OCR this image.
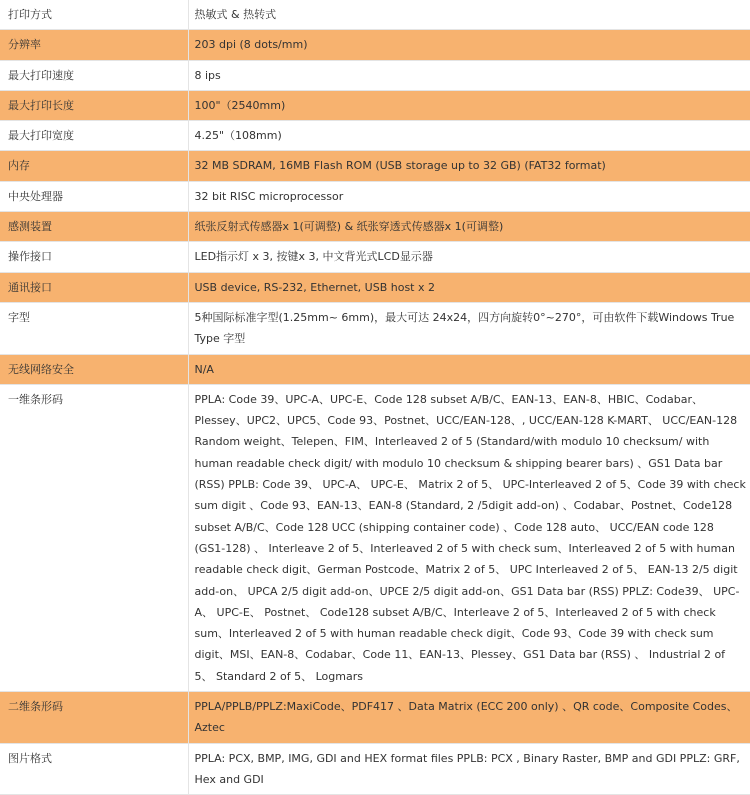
打印方式	热敏式 & 热转式
分辨率	203 dpi (8 dots/mm)
最大打印速度	8 ips
最大打印长度	100"（2540mm)
最大打印宽度	4.25"（108mm)
内存	32 MB SDRAM, 16MB Flash ROM (USB storage up to 32 GB) (FAT32 format)
中央处理器	32 bit RISC microprocessor
感测装置	纸张反射式传感器x 1(可调整) & 纸张穿透式传感器x 1(可调整)
操作接口	LED指示灯 x 3, 按键x 3, 中文背光式LCD显示器
通讯接口	USB device, RS-232, Ethernet, USB host x 2
字型	5种国际标准字型(1.25mm~ 6mm)，最大可达 24x24，四方向旋转0°~270°，可由软件下载Windows True Type 字型
无线网络安全	N/A
一维条形码	PPLA: Code 39、UPC-A、UPC-E、Code 128 subset A/B/C、EAN-13、EAN-8、HBIC、Codabar、Plessey、UPC2、UPC5、Code 93、Postnet、UCC/EAN-128、, UCC/EAN-128 K-MART、 UCC/EAN-128 Random weight、Telepen、FIM、Interleaved 2 of 5 (Standard/with modulo 10 checksum/ with human readable check digit/ with modulo 10 checksum & shipping bearer bars) 、GS1 Data bar (RSS) PPLB: Code 39、 UPC-A、 UPC-E、 Matrix 2 of 5、 UPC-Interleaved 2 of 5、Code 39 with check sum digit 、Code 93、EAN-13、EAN-8 (Standard, 2 /5digit add-on) 、Codabar、Postnet、Code128 subset A/B/C、Code 128 UCC (shipping container code) 、Code 128 auto、 UCC/EAN code 128 (GS1-128) 、 Interleave 2 of 5、Interleaved 2 of 5 with check sum、Interleaved 2 of 5 with human readable check digit、German Postcode、Matrix 2 of 5、 UPC Interleaved 2 of 5、 EAN-13 2/5 digit add-on、 UPCA 2/5 digit add-on、UPCE 2/5 digit add-on、GS1 Data bar (RSS) PPLZ: Code39、 UPC-A、 UPC-E、 Postnet、 Code128 subset A/B/C、Interleave 2 of 5、Interleaved 2 of 5 with check sum、Interleaved 2 of 5 with human readable check digit、Code 93、Code 39 with check sum digit、MSI、EAN-8、Codabar、Code 11、EAN-13、Plessey、GS1 Data bar (RSS) 、 Industrial 2 of 5、 Standard 2 of 5、 Logmars
二维条形码	PPLA/PPLB/PPLZ:MaxiCode、PDF417 、Data Matrix (ECC 200 only) 、QR code、Composite Codes、Aztec
图片格式	PPLA: PCX, BMP, IMG, GDI and HEX format files PPLB: PCX , Binary Raster, BMP and GDI PPLZ: GRF, Hex and GDI
